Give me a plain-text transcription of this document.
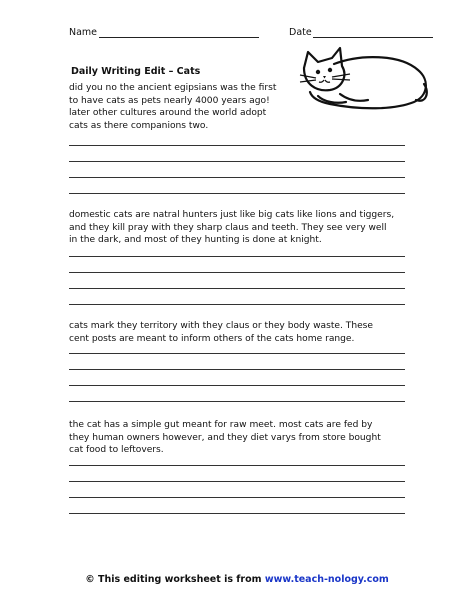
Name	Date
Daily Writing Edit – Cats
did you no the ancient egipsians was the first
to have cats as pets nearly 4000 years ago!
later other cultures around the world adopt
cats as there companions two.
domestic cats are natral hunters just like big cats like lions and tiggers,
and they kill pray with they sharp claus and teeth. They see very well
in the dark, and most of they hunting is done at knight.
cats mark they territory with they claus or they body waste. These
cent posts are meant to inform others of the cats home range.
the cat has a simple gut meant for raw meet. most cats are fed by
they human owners however, and they diet varys from store bought
cat food to leftovers.
© This editing worksheet is from www.teach-nology.com
